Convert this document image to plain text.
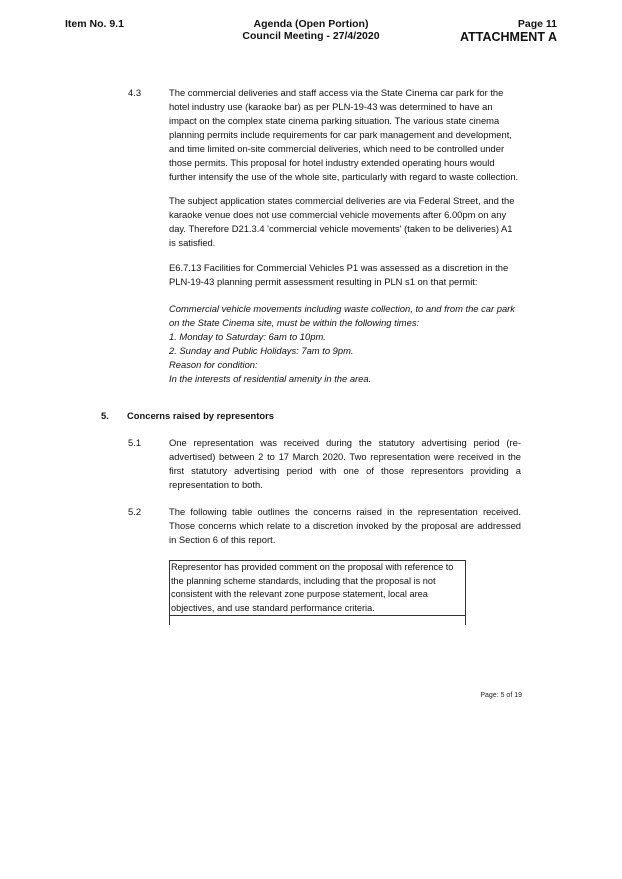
Item No. 9.1	Agenda (Open Portion)
Council Meeting - 27/4/2020
Page 11
ATTACHMENT A
4.3	The commercial deliveries and staff access via the State Cinema car park for the hotel industry use (karaoke bar) as per PLN-19-43 was determined to have an impact on the complex state cinema parking situation. The various state cinema planning permits include requirements for car park management and development, and time limited on-site commercial deliveries, which need to be controlled under those permits. This proposal for hotel industry extended operating hours would further intensify the use of the whole site, particularly with regard to waste collection.
The subject application states commercial deliveries are via Federal Street, and the karaoke venue does not use commercial vehicle movements after 6.00pm on any day. Therefore D21.3.4 'commercial vehicle movements' (taken to be deliveries) A1 is satisfied.
E6.7.13 Facilities for Commercial Vehicles P1 was assessed as a discretion in the PLN-19-43 planning permit assessment resulting in PLN s1 on that permit:
Commercial vehicle movements including waste collection, to and from the car park on the State Cinema site, must be within the following times:
1. Monday to Saturday: 6am to 10pm.
2. Sunday and Public Holidays: 7am to 9pm.
Reason for condition:
In the interests of residential amenity in the area.
5. Concerns raised by representors
5.1	One representation was received during the statutory advertising period (re-advertised) between 2 to 17 March 2020. Two representation were received in the first statutory advertising period with one of those representors providing a representation to both.
5.2	The following table outlines the concerns raised in the representation received. Those concerns which relate to a discretion invoked by the proposal are addressed in Section 6 of this report.
Representor has provided comment on the proposal with reference to the planning scheme standards, including that the proposal is not consistent with the relevant zone purpose statement, local area objectives, and use standard performance criteria.

Page: 5 of 19
